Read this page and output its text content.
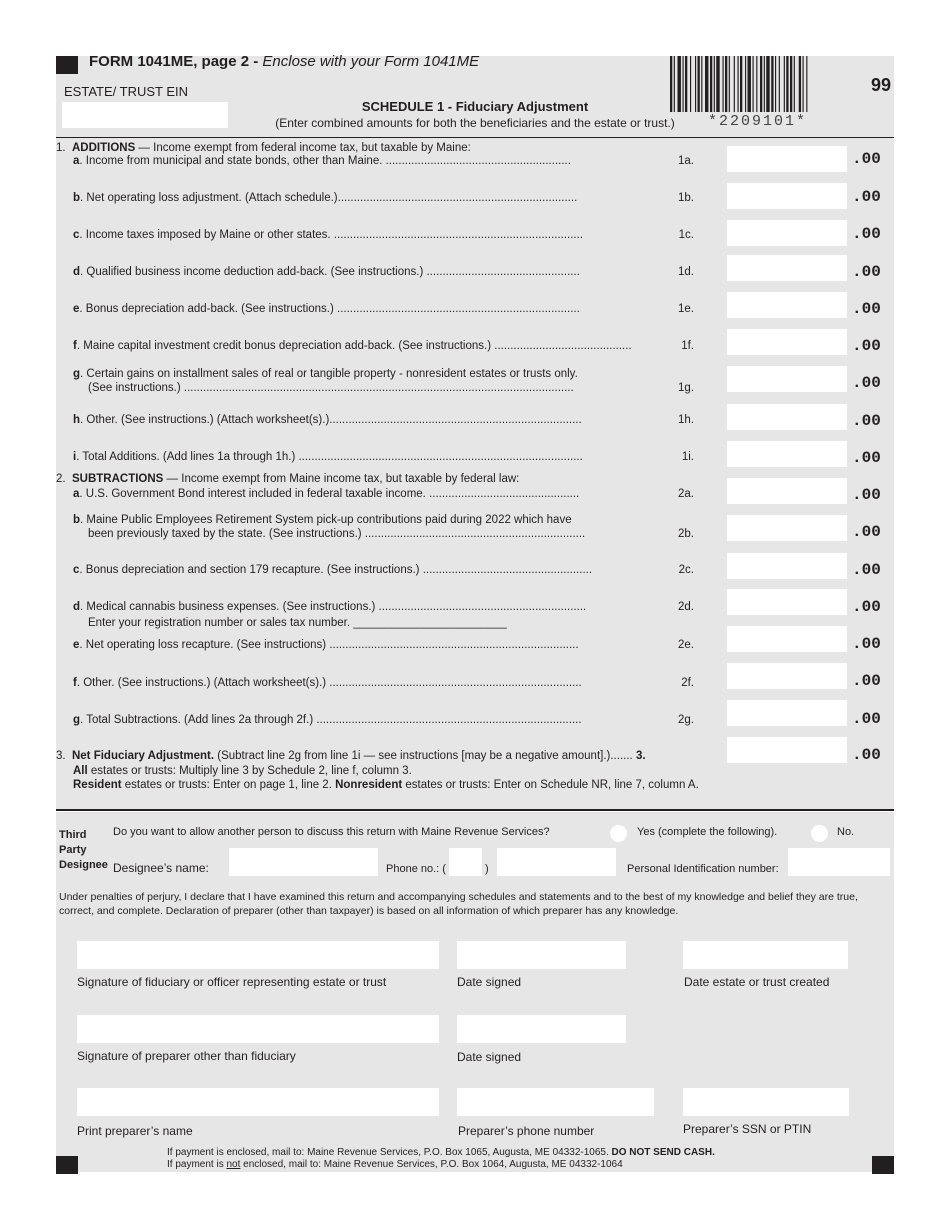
FORM 1041ME, page 2 - Enclose with your Form 1041ME
ESTATE/ TRUST EIN
SCHEDULE 1 - Fiduciary Adjustment
(Enter combined amounts for both the beneficiaries and the estate or trust.)	*2209101*
99
1. ADDITIONS — Income exempt from federal income tax, but taxable by Maine:
2. SUBTRACTIONS — Income exempt from Maine income tax, but taxable by federal law:
a. Income from municipal and state bonds, other than Maine. ..........................................................	1a.	.00
b. Net operating loss adjustment. (Attach schedule.)...........................................................................	1b.	.00
c. Income taxes imposed by Maine or other states. ..............................................................................	1c.	.00
d. Qualified business income deduction add-back. (See instructions.) ................................................	1d.	.00
e. Bonus depreciation add-back. (See instructions.) ............................................................................	1e.	.00
f. Maine capital investment credit bonus depreciation add-back. (See instructions.) ...........................................	1f.	.00
g. Certain gains on installment sales of real or tangible property - nonresident estates or trusts only.
(See instructions.) ..........................................................................................................................	1g.	.00
h. Other. (See instructions.) (Attach worksheet(s).)...............................................................................	1h.	.00
i. Total Additions. (Add lines 1a through 1h.) .........................................................................................	1i.	.00
a. U.S. Government Bond interest included in federal taxable income. ...............................................	2a.	.00
b. Maine Public Employees Retirement System pick-up contributions paid during 2022 which have
been previously taxed by the state. (See instructions.) .....................................................................	2b.	.00
c. Bonus depreciation and section 179 recapture. (See instructions.) .....................................................	2c.	.00
d. Medical cannabis business expenses. (See instructions.) .................................................................
Enter your registration number or sales tax number. ________________________
2d.	.00
e. Net operating loss recapture. (See instructions) ..............................................................................	2e.	.00
f. Other. (See instructions.) (Attach worksheet(s).) ...............................................................................	2f.	.00
g. Total Subtractions. (Add lines 2a through 2f.) ...................................................................................	2g.	.00
3. Net Fiduciary Adjustment. (Subtract line 2g from line 1i — see instructions [may be a negative amount].)....... 3.	.00
All estates or trusts: Multiply line 3 by Schedule 2, line f, column 3.
Resident estates or trusts: Enter on page 1, line 2. Nonresident estates or trusts: Enter on Schedule NR, line 7, column A.
Third
Party
Designee
Do you want to allow another person to discuss this return with Maine Revenue Services?	Yes (complete the following).	No.
Designee’s name:	Phone no.: (	)	Personal Identification number:
Under penalties of perjury, I declare that I have examined this return and accompanying schedules and statements and to the best of my knowledge and belief they are true, correct, and complete. Declaration of preparer (other than taxpayer) is based on all information of which preparer has any knowledge.
Signature of fiduciary or officer representing estate or trust	Date signed	Date estate or trust created
Signature of preparer other than fiduciary	Date signed
Print preparer’s name	Preparer’s phone number	Preparer’s SSN or PTIN
If payment is enclosed, mail to: Maine Revenue Services, P.O. Box 1065, Augusta, ME 04332-1065. DO NOT SEND CASH.
If payment is not enclosed, mail to: Maine Revenue Services, P.O. Box 1064, Augusta, ME 04332-1064
